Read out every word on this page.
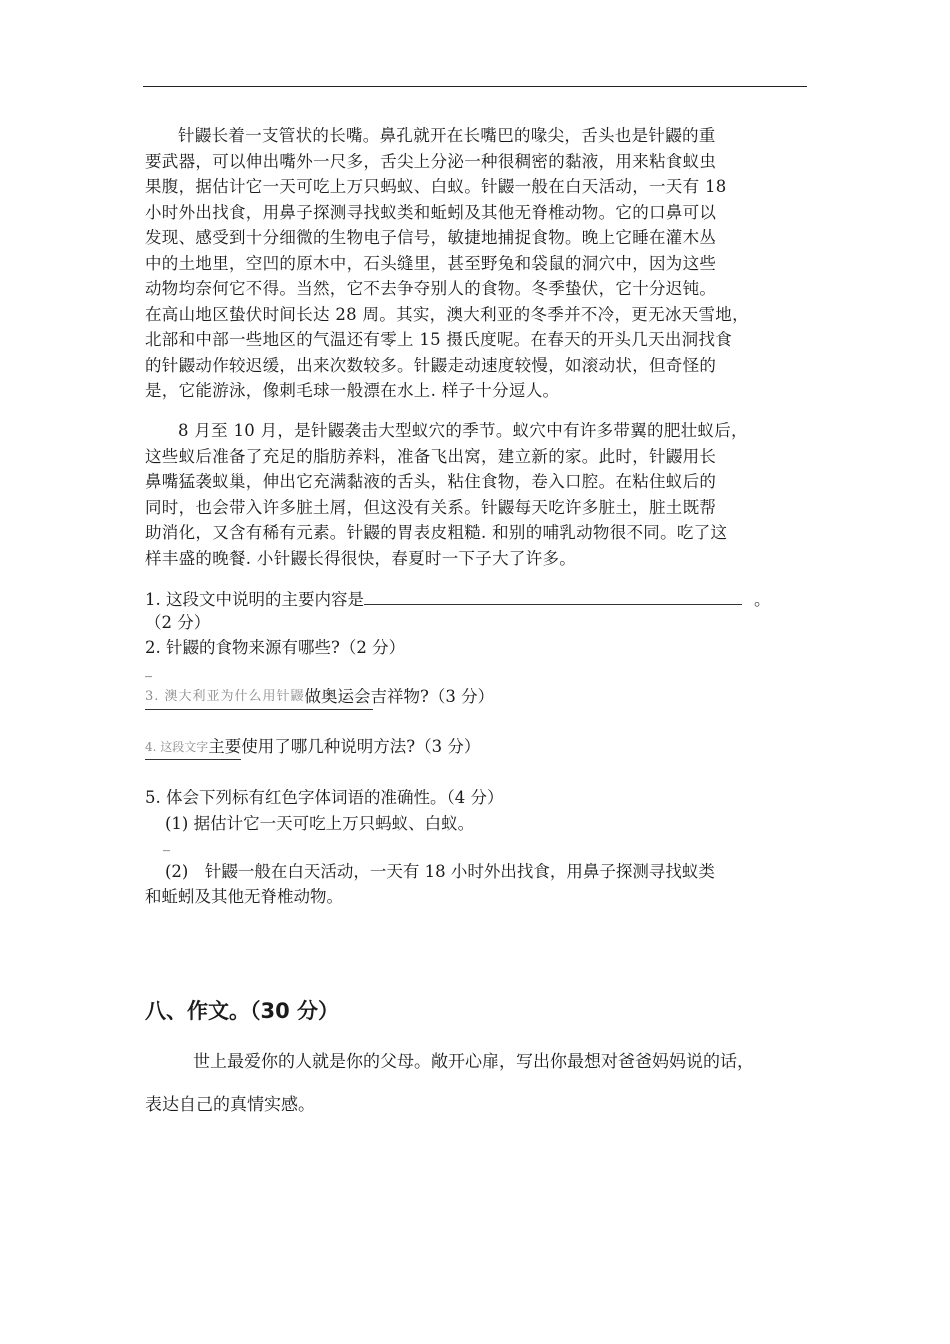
针鼹长着一支管状的长嘴。鼻孔就开在长嘴巴的喙尖，舌头也是针鼹的重
要武器，可以伸出嘴外一尺多，舌尖上分泌一种很稠密的黏液，用来粘食蚁虫
果腹，据估计它一天可吃上万只蚂蚁、白蚁。针鼹一般在白天活动，一天有 18
小时外出找食，用鼻子探测寻找蚁类和蚯蚓及其他无脊椎动物。它的口鼻可以
发现、感受到十分细微的生物电子信号，敏捷地捕捉食物。晚上它睡在灌木丛
中的土地里，空凹的原木中，石头缝里，甚至野兔和袋鼠的洞穴中，因为这些
动物均奈何它不得。当然，它不去争夺别人的食物。冬季蛰伏，它十分迟钝。
在高山地区蛰伏时间长达 28 周。其实，澳大利亚的冬季并不冷，更无冰天雪地，
北部和中部一些地区的气温还有零上 15 摄氏度呢。在春天的开头几天出洞找食
的针鼹动作较迟缓，出来次数较多。针鼹走动速度较慢，如滚动状，但奇怪的
是，它能游泳，像刺毛球一般漂在水上. 样子十分逗人。
8 月至 10 月，是针鼹袭击大型蚁穴的季节。蚁穴中有许多带翼的肥壮蚁后，
这些蚁后准备了充足的脂肪养料，准备飞出窝，建立新的家。此时，针鼹用长
鼻嘴猛袭蚁巢，伸出它充满黏液的舌头，粘住食物，卷入口腔。在粘住蚁后的
同时，也会带入许多脏土屑，但这没有关系。针鼹每天吃许多脏土，脏土既帮
助消化，又含有稀有元素。针鼹的胃表皮粗糙. 和别的哺乳动物很不同。吃了这
样丰盛的晚餐. 小针鼹长得很快，春夏时一下子大了许多。

1. 这段文中说明的主要内容是	。

（2 分）

2. 针鼹的食物来源有哪些?（2 分）

_

$^{3. 澳大利亚为什么用针鼹}$做奥运会吉祥物?（3 分）

$^{4. 这段文字}$主要使用了哪几种说明方法?（3 分）

5. 体会下列标有红色字体词语的准确性。（4 分）

(1) 据估计它一天可吃上万只蚂蚁、白蚁。

_

(2)　针鼹一般在白天活动，一天有 18 小时外出找食，用鼻子探测寻找蚁类

和蚯蚓及其他无脊椎动物。

八、作文。（30 分）
世上最爱你的人就是你的父母。敞开心扉，写出你最想对爸爸妈妈说的话，
表达自己的真情实感。
